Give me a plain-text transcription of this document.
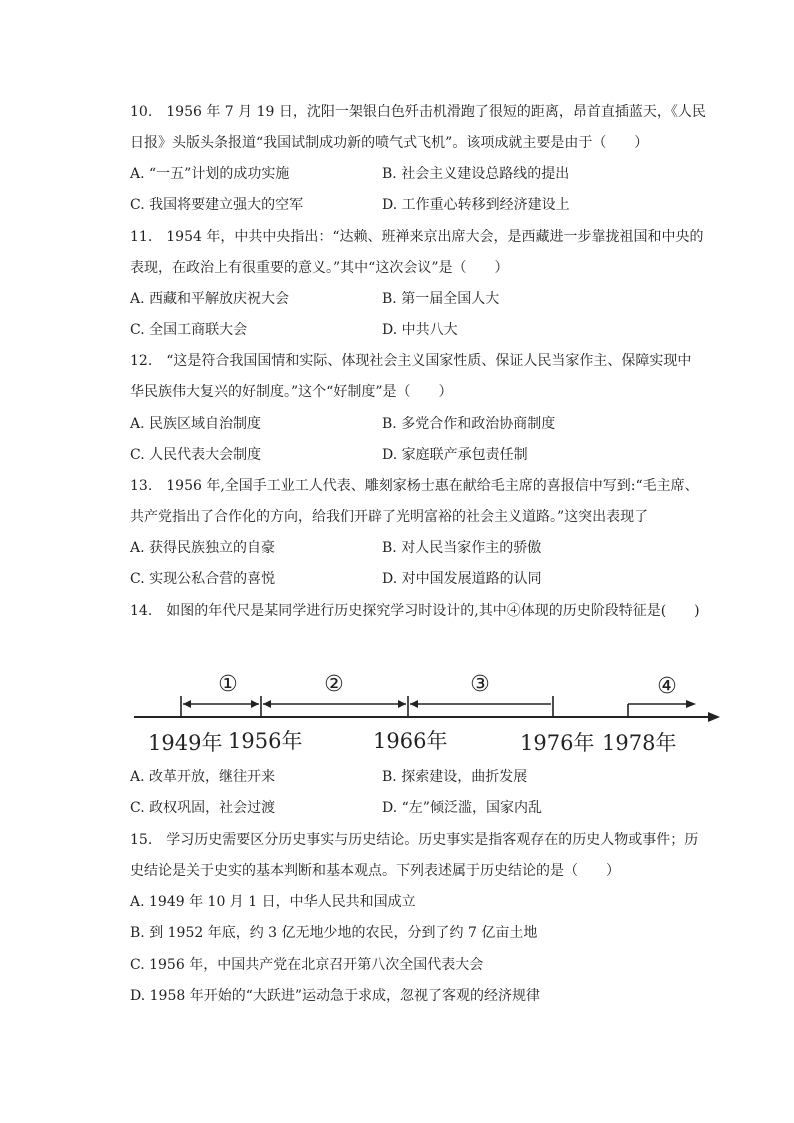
10.　1956 年 7 月 19 日，沈阳一架银白色歼击机滑跑了很短的距离，昂首直插蓝天，《人民
日报》头版头条报道“我国试制成功新的喷气式飞机”。该项成就主要是由于（　　）
A. “一五”计划的成功实施	B. 社会主义建设总路线的提出
C. 我国将要建立强大的空军	D. 工作重心转移到经济建设上
11.　1954 年，中共中央指出：“达赖、班禅来京出席大会，是西藏进一步靠拢祖国和中央的
表现，在政治上有很重要的意义。”其中“这次会议”是（　　）
A. 西藏和平解放庆祝大会	B. 第一届全国人大
C. 全国工商联大会	D. 中共八大
12.　“这是符合我国国情和实际、体现社会主义国家性质、保证人民当家作主、保障实现中
华民族伟大复兴的好制度。”这个“好制度”是（　　）
A. 民族区域自治制度	B. 多党合作和政治协商制度
C. 人民代表大会制度	D. 家庭联产承包责任制
13.　1956 年,全国手工业工人代表、雕刻家杨士惠在献给毛主席的喜报信中写到:“毛主席、
共产党指出了合作化的方向，给我们开辟了光明富裕的社会主义道路。”这突出表现了
A. 获得民族独立的自豪	B. 对人民当家作主的骄傲
C. 实现公私合营的喜悦	D. 对中国发展道路的认同
14.　如图的年代尺是某同学进行历史探究学习时设计的,其中④体现的历史阶段特征是(　　)
①	②	③	④
1949年 1956年	1966年	1976年 1978年
A. 改革开放，继往开来	B. 探索建设，曲折发展
C. 政权巩固，社会过渡	D. “左”倾泛滥，国家内乱
15.　学习历史需要区分历史事实与历史结论。历史事实是指客观存在的历史人物或事件；历
史结论是关于史实的基本判断和基本观点。下列表述属于历史结论的是（　　）
A. 1949 年 10 月 1 日，中华人民共和国成立
B. 到 1952 年底，约 3 亿无地少地的农民，分到了约 7 亿亩土地
C. 1956 年，中国共产党在北京召开第八次全国代表大会
D. 1958 年开始的“大跃进”运动急于求成，忽视了客观的经济规律
